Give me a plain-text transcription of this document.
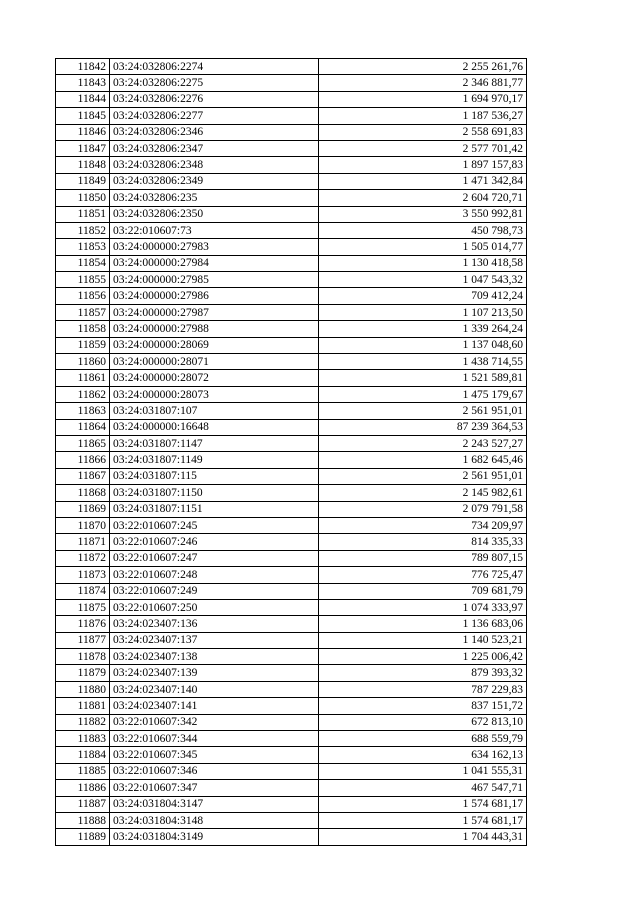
11842	03:24:032806:2274	2 255 261,76
11843	03:24:032806:2275	2 346 881,77
11844	03:24:032806:2276	1 694 970,17
11845	03:24:032806:2277	1 187 536,27
11846	03:24:032806:2346	2 558 691,83
11847	03:24:032806:2347	2 577 701,42
11848	03:24:032806:2348	1 897 157,83
11849	03:24:032806:2349	1 471 342,84
11850	03:24:032806:235	2 604 720,71
11851	03:24:032806:2350	3 550 992,81
11852	03:22:010607:73	450 798,73
11853	03:24:000000:27983	1 505 014,77
11854	03:24:000000:27984	1 130 418,58
11855	03:24:000000:27985	1 047 543,32
11856	03:24:000000:27986	709 412,24
11857	03:24:000000:27987	1 107 213,50
11858	03:24:000000:27988	1 339 264,24
11859	03:24:000000:28069	1 137 048,60
11860	03:24:000000:28071	1 438 714,55
11861	03:24:000000:28072	1 521 589,81
11862	03:24:000000:28073	1 475 179,67
11863	03:24:031807:107	2 561 951,01
11864	03:24:000000:16648	87 239 364,53
11865	03:24:031807:1147	2 243 527,27
11866	03:24:031807:1149	1 682 645,46
11867	03:24:031807:115	2 561 951,01
11868	03:24:031807:1150	2 145 982,61
11869	03:24:031807:1151	2 079 791,58
11870	03:22:010607:245	734 209,97
11871	03:22:010607:246	814 335,33
11872	03:22:010607:247	789 807,15
11873	03:22:010607:248	776 725,47
11874	03:22:010607:249	709 681,79
11875	03:22:010607:250	1 074 333,97
11876	03:24:023407:136	1 136 683,06
11877	03:24:023407:137	1 140 523,21
11878	03:24:023407:138	1 225 006,42
11879	03:24:023407:139	879 393,32
11880	03:24:023407:140	787 229,83
11881	03:24:023407:141	837 151,72
11882	03:22:010607:342	672 813,10
11883	03:22:010607:344	688 559,79
11884	03:22:010607:345	634 162,13
11885	03:22:010607:346	1 041 555,31
11886	03:22:010607:347	467 547,71
11887	03:24:031804:3147	1 574 681,17
11888	03:24:031804:3148	1 574 681,17
11889	03:24:031804:3149	1 704 443,31
